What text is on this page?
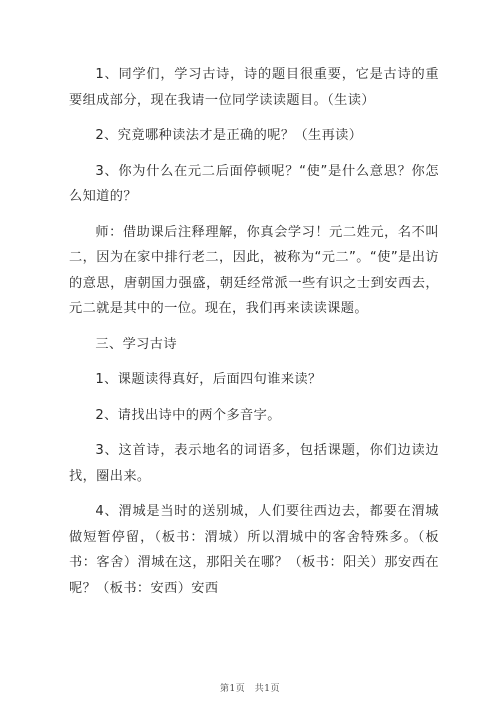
1、同学们，学习古诗，诗的题目很重要，它是古诗的重要组成部分，现在我请一位同学读读题目。（生读）

2、究竟哪种读法才是正确的呢？（生再读）

3、你为什么在元二后面停顿呢？“使”是什么意思？你怎么知道的？

师：借助课后注释理解，你真会学习！元二姓元，名不叫二，因为在家中排行老二，因此，被称为“元二”。“使”是出访的意思，唐朝国力强盛，朝廷经常派一些有识之士到安西去，元二就是其中的一位。现在，我们再来读读课题。

三、学习古诗

1、课题读得真好，后面四句谁来读？

2、请找出诗中的两个多音字。

3、这首诗，表示地名的词语多，包括课题，你们边读边找，圈出来。

4、渭城是当时的送别城，人们要往西边去，都要在渭城做短暂停留，（板书：渭城）所以渭城中的客舍特殊多。（板书：客舍）渭城在这，那阳关在哪？（板书：阳关）那安西在呢？（板书：安西）安西

第1页　共1页
